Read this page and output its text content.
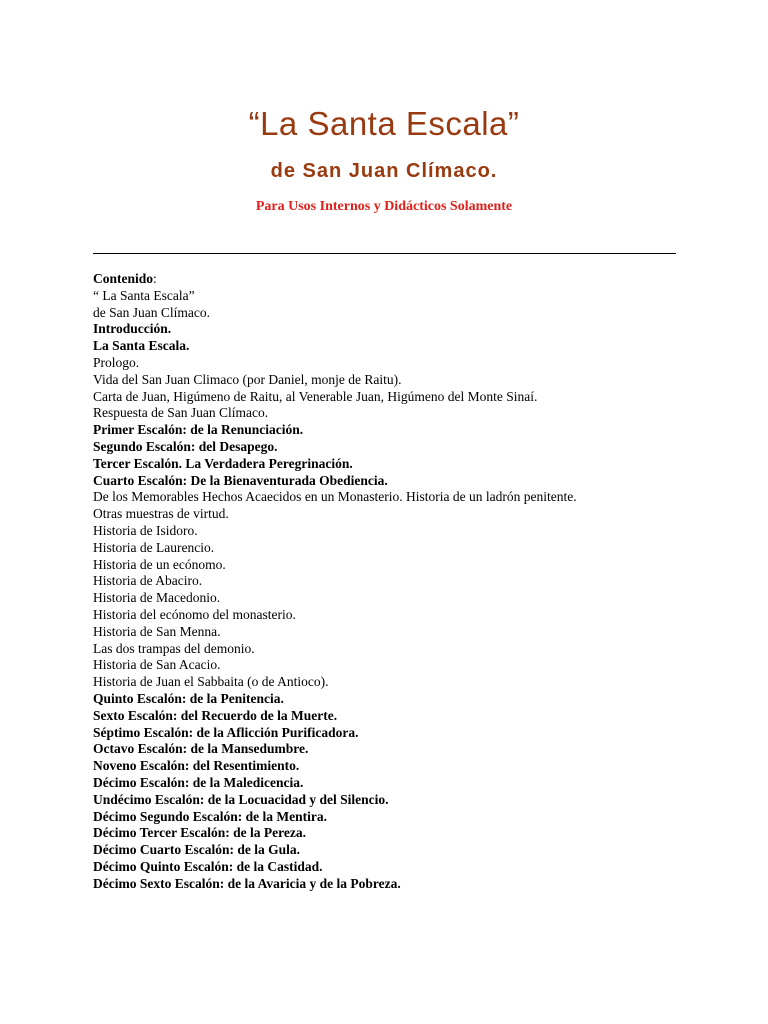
“La Santa Escala”
de San Juan Clímaco.

Para Usos Internos y Didácticos Solamente

Contenido:
“ La Santa Escala”
de San Juan Clímaco.
Introducción.
La Santa Escala.
Prologo.
Vida del San Juan Climaco (por Daniel, monje de Raitu).
Carta de Juan, Higúmeno de Raitu, al Venerable Juan, Higúmeno del Monte Sinaí.
Respuesta de San Juan Clímaco.
Primer Escalón: de la Renunciación.
Segundo Escalón: del Desapego.
Tercer Escalón. La Verdadera Peregrinación.
Cuarto Escalón: De la Bienaventurada Obediencia.
De los Memorables Hechos Acaecidos en un Monasterio. Historia de un ladrón penitente.
Otras muestras de virtud.
Historia de Isidoro.
Historia de Laurencio.
Historia de un ecónomo.
Historia de Abaciro.
Historia de Macedonio.
Historia del ecónomo del monasterio.
Historia de San Menna.
Las dos trampas del demonio.
Historia de San Acacio.
Historia de Juan el Sabbaita (o de Antioco).
Quinto Escalón: de la Penitencia.
Sexto Escalón: del Recuerdo de la Muerte.
Séptimo Escalón: de la Aflicción Purificadora.
Octavo Escalón: de la Mansedumbre.
Noveno Escalón: del Resentimiento.
Décimo Escalón: de la Maledicencia.
Undécimo Escalón: de la Locuacidad y del Silencio.
Décimo Segundo Escalón: de la Mentira.
Décimo Tercer Escalón: de la Pereza.
Décimo Cuarto Escalón: de la Gula.
Décimo Quinto Escalón: de la Castidad.
Décimo Sexto Escalón: de la Avaricia y de la Pobreza.
